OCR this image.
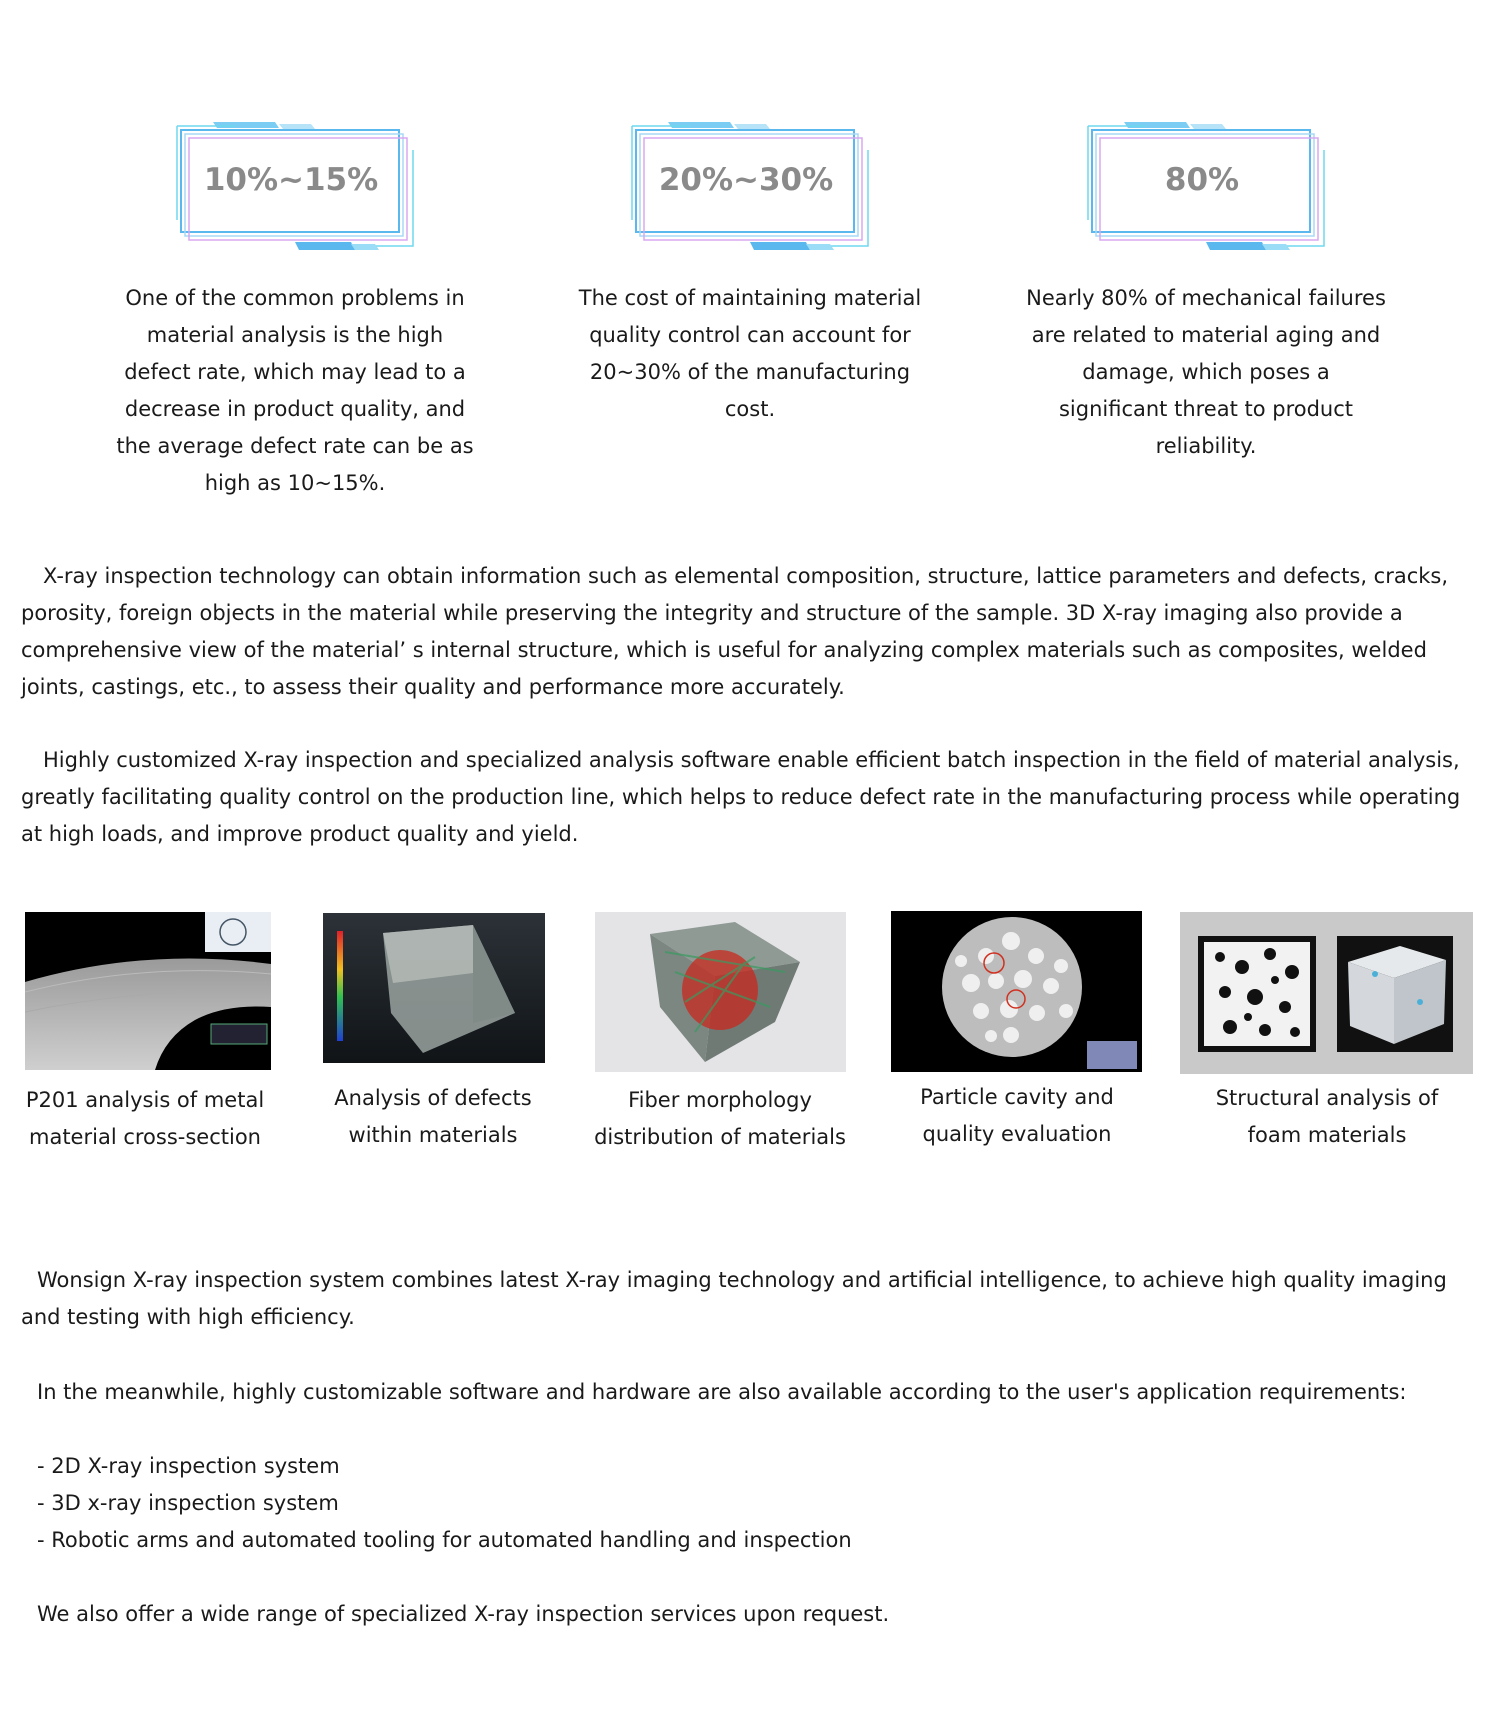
10%~15%
One of the common problems in material analysis is the high defect rate, which may lead to a decrease in product quality, and the average defect rate can be as high as 10~15%.
20%~30%
The cost of maintaining material quality control can account for 20~30% of the manufacturing cost.
80%
Nearly 80% of mechanical failures are related to material aging and damage, which poses a significant threat to product reliability.
X-ray inspection technology can obtain information such as elemental composition, structure, lattice parameters and defects, cracks, porosity, foreign objects in the material while preserving the integrity and structure of the sample. 3D X-ray imaging also provide a comprehensive view of the material’ s internal structure, which is useful for analyzing complex materials such as composites, welded joints, castings, etc., to assess their quality and performance more accurately.
Highly customized X-ray inspection and specialized analysis software enable efficient batch inspection in the field of material analysis, greatly facilitating quality control on the production line, which helps to reduce defect rate in the manufacturing process while operating at high loads, and improve product quality and yield.
P201 analysis of metal material cross-section
Analysis of defects within materials
Fiber morphology distribution of materials
Particle cavity and quality evaluation
Structural analysis of foam materials
Wonsign X-ray inspection system combines latest X-ray imaging technology and artificial intelligence, to achieve high quality imaging and testing with high efficiency.
In the meanwhile, highly customizable software and hardware are also available according to the user's application requirements:
- 2D X-ray inspection system
- 3D x-ray inspection system
- Robotic arms and automated tooling for automated handling and inspection
We also offer a wide range of specialized X-ray inspection services upon request.
